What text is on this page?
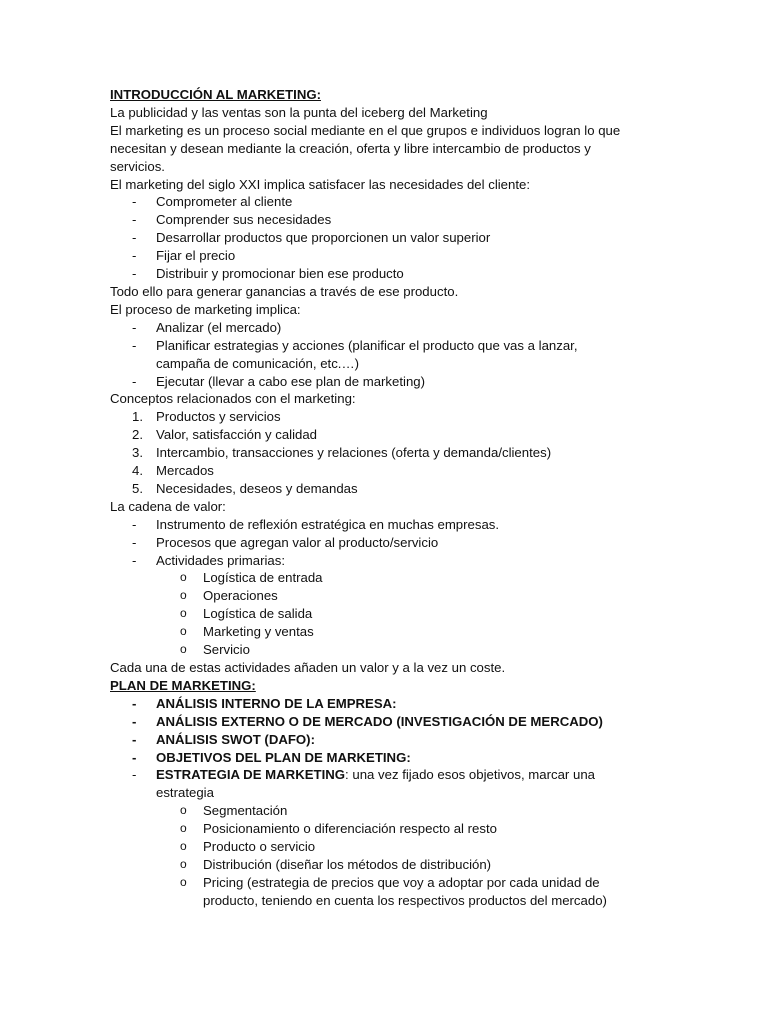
INTRODUCCIÓN AL MARKETING:
La publicidad y las ventas son la punta del iceberg del Marketing
El marketing es un proceso social mediante en el que grupos e individuos logran lo que
necesitan y desean mediante la creación, oferta y libre intercambio de productos y
servicios.
El marketing del siglo XXI implica satisfacer las necesidades del cliente:
-	Comprometer al cliente
-	Comprender sus necesidades
-	Desarrollar productos que proporcionen un valor superior
-	Fijar el precio
-	Distribuir y promocionar bien ese producto
Todo ello para generar ganancias a través de ese producto.
El proceso de marketing implica:
-	Analizar (el mercado)
-	Planificar estrategias y acciones (planificar el producto que vas a lanzar,
campaña de comunicación, etc.…)
-	Ejecutar (llevar a cabo ese plan de marketing)
Conceptos relacionados con el marketing:
1. Productos y servicios
2. Valor, satisfacción y calidad
3. Intercambio, transacciones y relaciones (oferta y demanda/clientes)
4. Mercados
5. Necesidades, deseos y demandas
La cadena de valor:
-	Instrumento de reflexión estratégica en muchas empresas.
-	Procesos que agregan valor al producto/servicio
-	Actividades primarias:
o	Logística de entrada
o	Operaciones
o	Logística de salida
o	Marketing y ventas
o	Servicio
Cada una de estas actividades añaden un valor y a la vez un coste.
PLAN DE MARKETING:
-	ANÁLISIS INTERNO DE LA EMPRESA:
-	ANÁLISIS EXTERNO O DE MERCADO (INVESTIGACIÓN DE MERCADO)
-	ANÁLISIS SWOT (DAFO):
-	OBJETIVOS DEL PLAN DE MARKETING:
-	ESTRATEGIA DE MARKETING: una vez fijado esos objetivos, marcar una
estrategia
o	Segmentación
o	Posicionamiento o diferenciación respecto al resto
o	Producto o servicio
o	Distribución (diseñar los métodos de distribución)
o	Pricing (estrategia de precios que voy a adoptar por cada unidad de
producto, teniendo en cuenta los respectivos productos del mercado)
